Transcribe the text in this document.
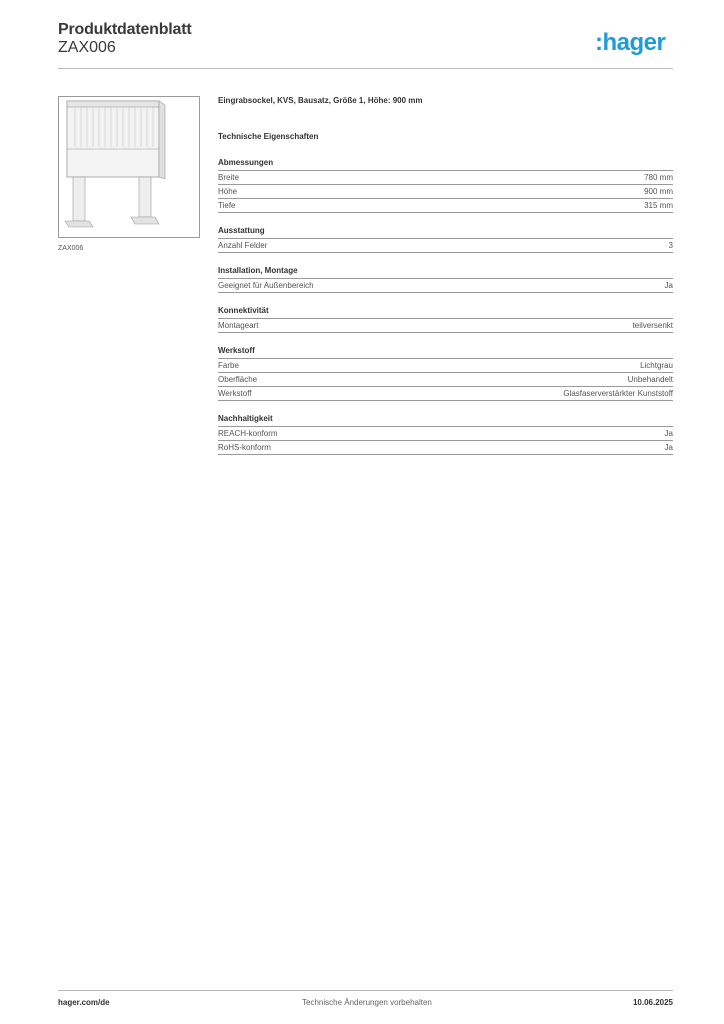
Produktdatenblatt
ZAX006	:hager
ZAX006
Eingrabsockel, KVS, Bausatz, Größe 1, Höhe: 900 mm
Technische Eigenschaften
Abmessungen
Breite	780 mm
Höhe	900 mm
Tiefe	315 mm
Ausstattung
Anzahl Felder	3
Installation, Montage
Geeignet für Außenbereich	Ja
Konnektivität
Montageart	teilversenkt
Werkstoff
Farbe	Lichtgrau
Oberfläche	Unbehandelt
Werkstoff	Glasfaserverstärkter Kunststoff
Nachhaltigkeit
REACH-konform	Ja
RoHS-konform	Ja
hager.com/de	Technische Änderungen vorbehalten	10.06.2025
